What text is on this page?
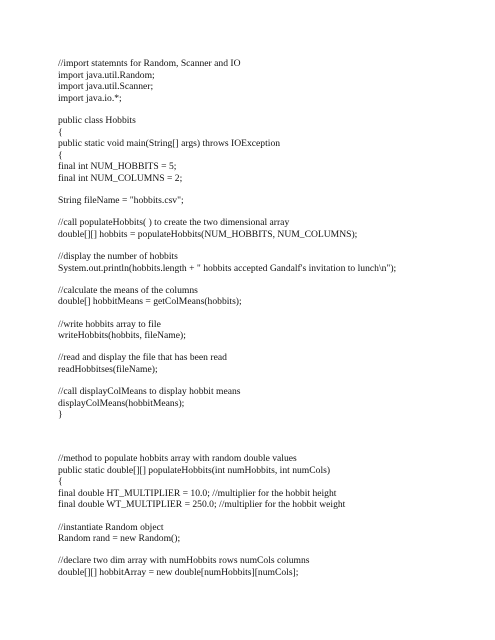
//import statemnts for Random, Scanner and IO
import java.util.Random;
import java.util.Scanner;
import java.io.*;
public class Hobbits
{
public static void main(String[] args) throws IOException
{
final int NUM_HOBBITS = 5;
final int NUM_COLUMNS = 2;
String fileName = "hobbits.csv";
//call populateHobbits( ) to create the two dimensional array
double[][] hobbits = populateHobbits(NUM_HOBBITS, NUM_COLUMNS);
//display the number of hobbits
System.out.println(hobbits.length + " hobbits accepted Gandalf's invitation to lunch\n");
//calculate the means of the columns
double[] hobbitMeans = getColMeans(hobbits);
//write hobbits array to file
writeHobbits(hobbits, fileName);
//read and display the file that has been read
readHobbitses(fileName);
//call displayColMeans to display hobbit means
displayColMeans(hobbitMeans);
}
//method to populate hobbits array with random double values
public static double[][] populateHobbits(int numHobbits, int numCols)
{
final double HT_MULTIPLIER = 10.0; //multiplier for the hobbit height
final double WT_MULTIPLIER = 250.0; //multiplier for the hobbit weight
//instantiate Random object
Random rand = new Random();
//declare two dim array with numHobbits rows numCols columns
double[][] hobbitArray = new double[numHobbits][numCols];
